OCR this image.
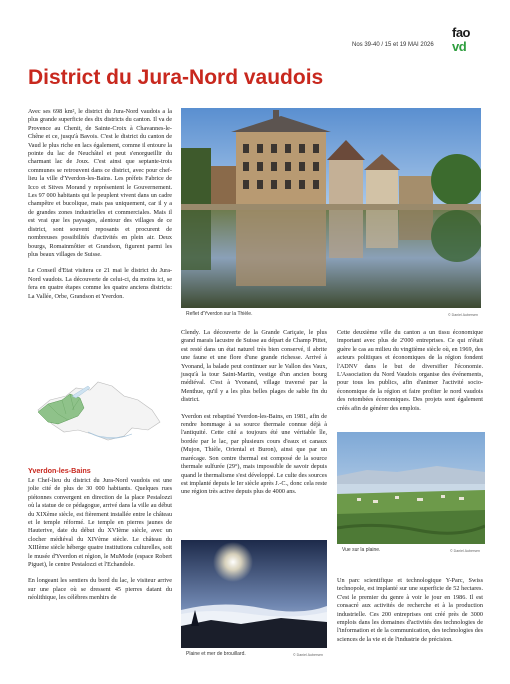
Nos 39-40 / 15 et 19 MAI 2026
fao
vd
District du Jura-Nord vaudois

Avec ses 698 km², le district du Jura-Nord vaudois a la plus grande superficie des dix districts du canton. Il va de Provence au Chenit, de Sainte-Croix à Chavannes-le-Chêne et ce, jusqu'à Bavois. C'est le district du canton de Vaud le plus riche en lacs également, comme il entoure la pointe du lac de Neuchâtel et peut s'enorgueillir du charmant lac de Joux. C'est ainsi que septante-trois communes se retrouvent dans ce district, avec pour chef-lieu la ville d'Yverdon-les-Bains. Les préfets Fabrice de Icco et Sitves Morand y représentent le Gouvernement. Les 97 000 habitants qui le peuplent vivent dans un cadre champêtre et bucolique, mais pas uniquement, car il y a de grandes zones industrielles et commerciales. Mais il est vrai que les paysages, alentour des villages de ce district, sont souvent reposants et procurent de nombreuses possibilités d'activités en plein air. Deux bourgs, Romainmôtier et Grandson, figurent parmi les plus beaux villages de Suisse.

Le Conseil d'Etat visitera ce 21 mai le district du Jura-Nord vaudois. La découverte de celui-ci, du moins ici, se fera en quatre étapes comme les quatre anciens districts: La Vallée, Orbe, Grandson et Yverdon.

Yverdon-les-Bains

Le Chef-lieu du district du Jura-Nord vaudois est une jolie cité de plus de 30 000 habitants. Quelques rues piétonnes convergent en direction de la place Pestalozzi où la statue de ce pédagogue, arrivé dans la ville au début du XIXème siècle, est fièrement installée entre le château et le temple réformé. Le temple en pierres jaunes de Hauterive, date du début du XVIème siècle, avec un clocher médiéval du XIVème siècle. Le château du XIIIème siècle héberge quatre institutions culturelles, soit le musée d'Yverdon et région, le MuMode (espace Robert Piguet), le centre Pestalozzi et l'Echandole.

En longeant les sentiers du bord du lac, le visiteur arrive sur une place où se dressent 45 pierres datant du néolithique, les célèbres menhirs de

Reflet d'Yverdon sur la Thièle.	© Daniel Aubersen

Clendy. La découverte de la Grande Cariçaie, le plus grand marais lacustre de Suisse au départ de Champ Pittet, est resté dans un état naturel très bien conservé, il abrite une faune et une flore d'une grande richesse. Arrivé à Yvonand, la balade peut continuer sur le Vallon des Vaux, jusqu'à la tour Saint-Martin, vestige d'un ancien bourg médiéval. C'est à Yvonand, village traversé par la Menthue, qu'il y a les plus belles plages de sable fin du district.

Yverdon est rebaptisé Yverdon-les-Bains, en 1981, afin de rendre hommage à sa source thermale connue déjà à l'antiquité. Cette cité a toujours été une véritable île, bordée par le lac, par plusieurs cours d'eaux et canaux (Mujon, Thièle, Oriental et Buron), ainsi que par un marécage. Son centre thermal est composé de la source thermale sulfurée (29°), mais impossible de savoir depuis quand le thermalisme s'est développé. Le culte des sources est implanté depuis le Ier siècle après J.-C., donc cela reste une région très active depuis plus de 4000 ans.

Plaine et mer de brouillard.	© Daniel Aubersen

Cette deuxième ville du canton a un tissu économique important avec plus de 2'000 entreprises. Ce qui n'était guère le cas au milieu du vingtième siècle où, en 1969, des acteurs politiques et économiques de la région fondent l'ADNV dans le but de diversifier l'économie. L'Association du Nord Vaudois organise des événements, pour tous les publics, afin d'animer l'activité socio-économique de la région et faire profiter le nord vaudois des retombées économiques. Des projets sont également créés afin de générer des emplois.

Vue sur la plaine.	© Daniel Aubersen

Un parc scientifique et technologique Y-Parc, Swiss technopole, est implanté sur une superficie de 52 hectares. C'est le premier du genre à voir le jour en 1986. Il est consacré aux activités de recherche et à la production industrielle. Ces 200 entreprises ont créé près de 3000 emplois dans les domaines d'activités des technologies de l'information et de la communication, des technologies des sciences de la vie et de l'industrie de précision.
